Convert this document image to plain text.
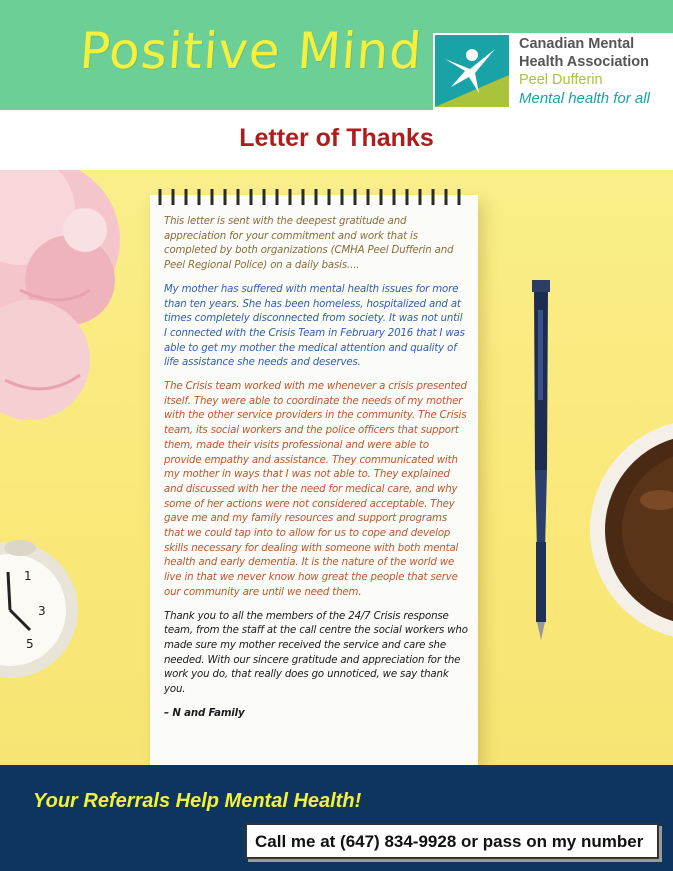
Positive Mind	Canadian Mental
Health Association
Peel Dufferin
Mental health for all
Letter of Thanks
3
1
5

This letter is sent with the deepest gratitude and appreciation for your commitment and work that is completed by both organizations (CMHA Peel Dufferin and Peel Regional Police) on a daily basis....

My mother has suffered with mental health issues for more than ten years. She has been homeless, hospitalized and at times completely disconnected from society. It was not until I connected with the Crisis Team in February 2016 that I was able to get my mother the medical attention and quality of life assistance she needs and deserves.

The Crisis team worked with me whenever a crisis presented itself. They were able to coordinate the needs of my mother with the other service providers in the community. The Crisis team, its social workers and the police officers that support them, made their visits professional and were able to provide empathy and assistance. They communicated with my mother in ways that I was not able to. They explained and discussed with her the need for medical care, and why some of her actions were not considered acceptable. They gave me and my family resources and support programs that we could tap into to allow for us to cope and develop skills necessary for dealing with someone with both mental health and early dementia. It is the nature of the world we live in that we never know how great the people that serve our community are until we need them.

Thank you to all the members of the 24/7 Crisis response team, from the staff at the call centre the social workers who made sure my mother received the service and care she needed. With our sincere gratitude and appreciation for the work you do, that really does go unnoticed, we say thank you.

– N and Family
Your Referrals Help Mental Health!
Call me at (647) 834-9928 or pass on my number
